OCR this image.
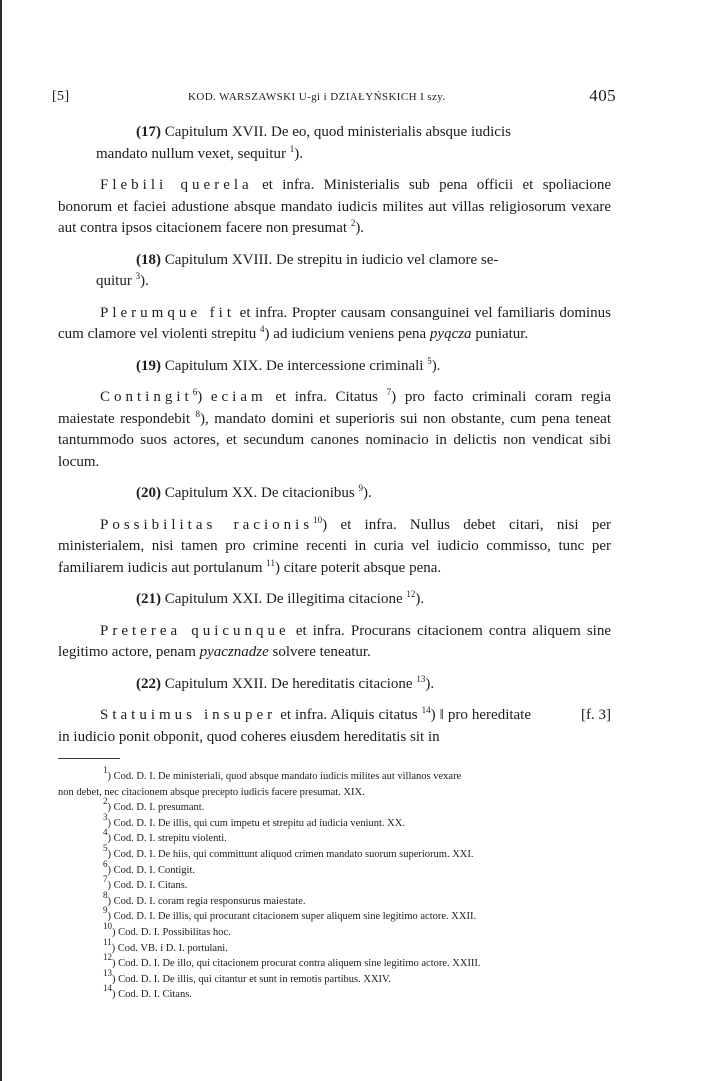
[5]	KOD. WARSZAWSKI U-gi i DZIAŁYŃSKICH I szy.	405

(17) Capitulum XVII. De eo, quod ministerialis absque iudicis
mandato nullum vexet, sequitur $^1$).

Flebili querela et infra. Ministerialis sub pena officii et spoliacione bonorum et faciei adustione absque mandato iudicis milites aut villas religiosorum vexare aut contra ipsos citacionem facere non presumat $^2$).

(18) Capitulum XVIII. De strepitu in iudicio vel clamore se-
quitur $^3$).

Plerumque fit et infra. Propter causam consanguinei vel familiaris dominus cum clamore vel violenti strepitu $^4$) ad iudicium veniens pena pyącza puniatur.

(19) Capitulum XIX. De intercessione criminali $^5$).

Contingit$^6$) eciam et infra. Citatus $^7$) pro facto criminali coram regia maiestate respondebit $^8$), mandato domini et superioris sui non obstante, cum pena teneat tantummodo suos actores, et secundum canones nominacio in delictis non vendicat sibi locum.

(20) Capitulum XX. De citacionibus $^9$).

Possibilitas racionis$^{10}$) et infra. Nullus debet citari, nisi per ministerialem, nisi tamen pro crimine recenti in curia vel iudicio commisso, tunc per familiarem iudicis aut portulanum $^{11}$) citare poterit absque pena.

(21) Capitulum XXI. De illegitima citacione $^{12}$).

Preterea quicunque et infra. Procurans citacionem contra aliquem sine legitimo actore, penam pyacznadze solvere teneatur.

(22) Capitulum XXII. De hereditatis citacione $^{13}$).

[f. 3]
Statuimus insuper et infra. Aliquis citatus $^{14}$) ‖ pro hereditate in iudicio ponit obponit, quod coheres eiusdem hereditatis sit in

$^1$) Cod. D. I. De ministeriali, quod absque mandato iudicis milites aut villanos vexare
non debet, nec citacionem absque precepto iudicis facere presumat. XIX.
$^2$) Cod. D. I. presumant.
$^3$) Cod. D. I. De illis, qui cum impetu et strepitu ad iudicia veniunt. XX.
$^4$) Cod. D. I. strepitu violenti.
$^5$) Cod. D. I. De hiis, qui committunt aliquod crimen mandato suorum superiorum. XXI.
$^6$) Cod. D. I. Contigit.
$^7$) Cod. D. I. Citans.
$^8$) Cod. D. I. coram regia responsurus maiestate.
$^9$) Cod. D. I. De illis, qui procurant citacionem super aliquem sine legitimo actore. XXII.
$^{10}$) Cod. D. I. Possibilitas hoc.
$^{11}$) Cod. VB. i D. I. portulani.
$^{12}$) Cod. D. I. De illo, qui citacionem procurat contra aliquem sine legitimo actore. XXIII.
$^{13}$) Cod. D. I. De illis, qui citantur et sunt in remotis partibus. XXIV.
$^{14}$) Cod. D. I. Citans.
